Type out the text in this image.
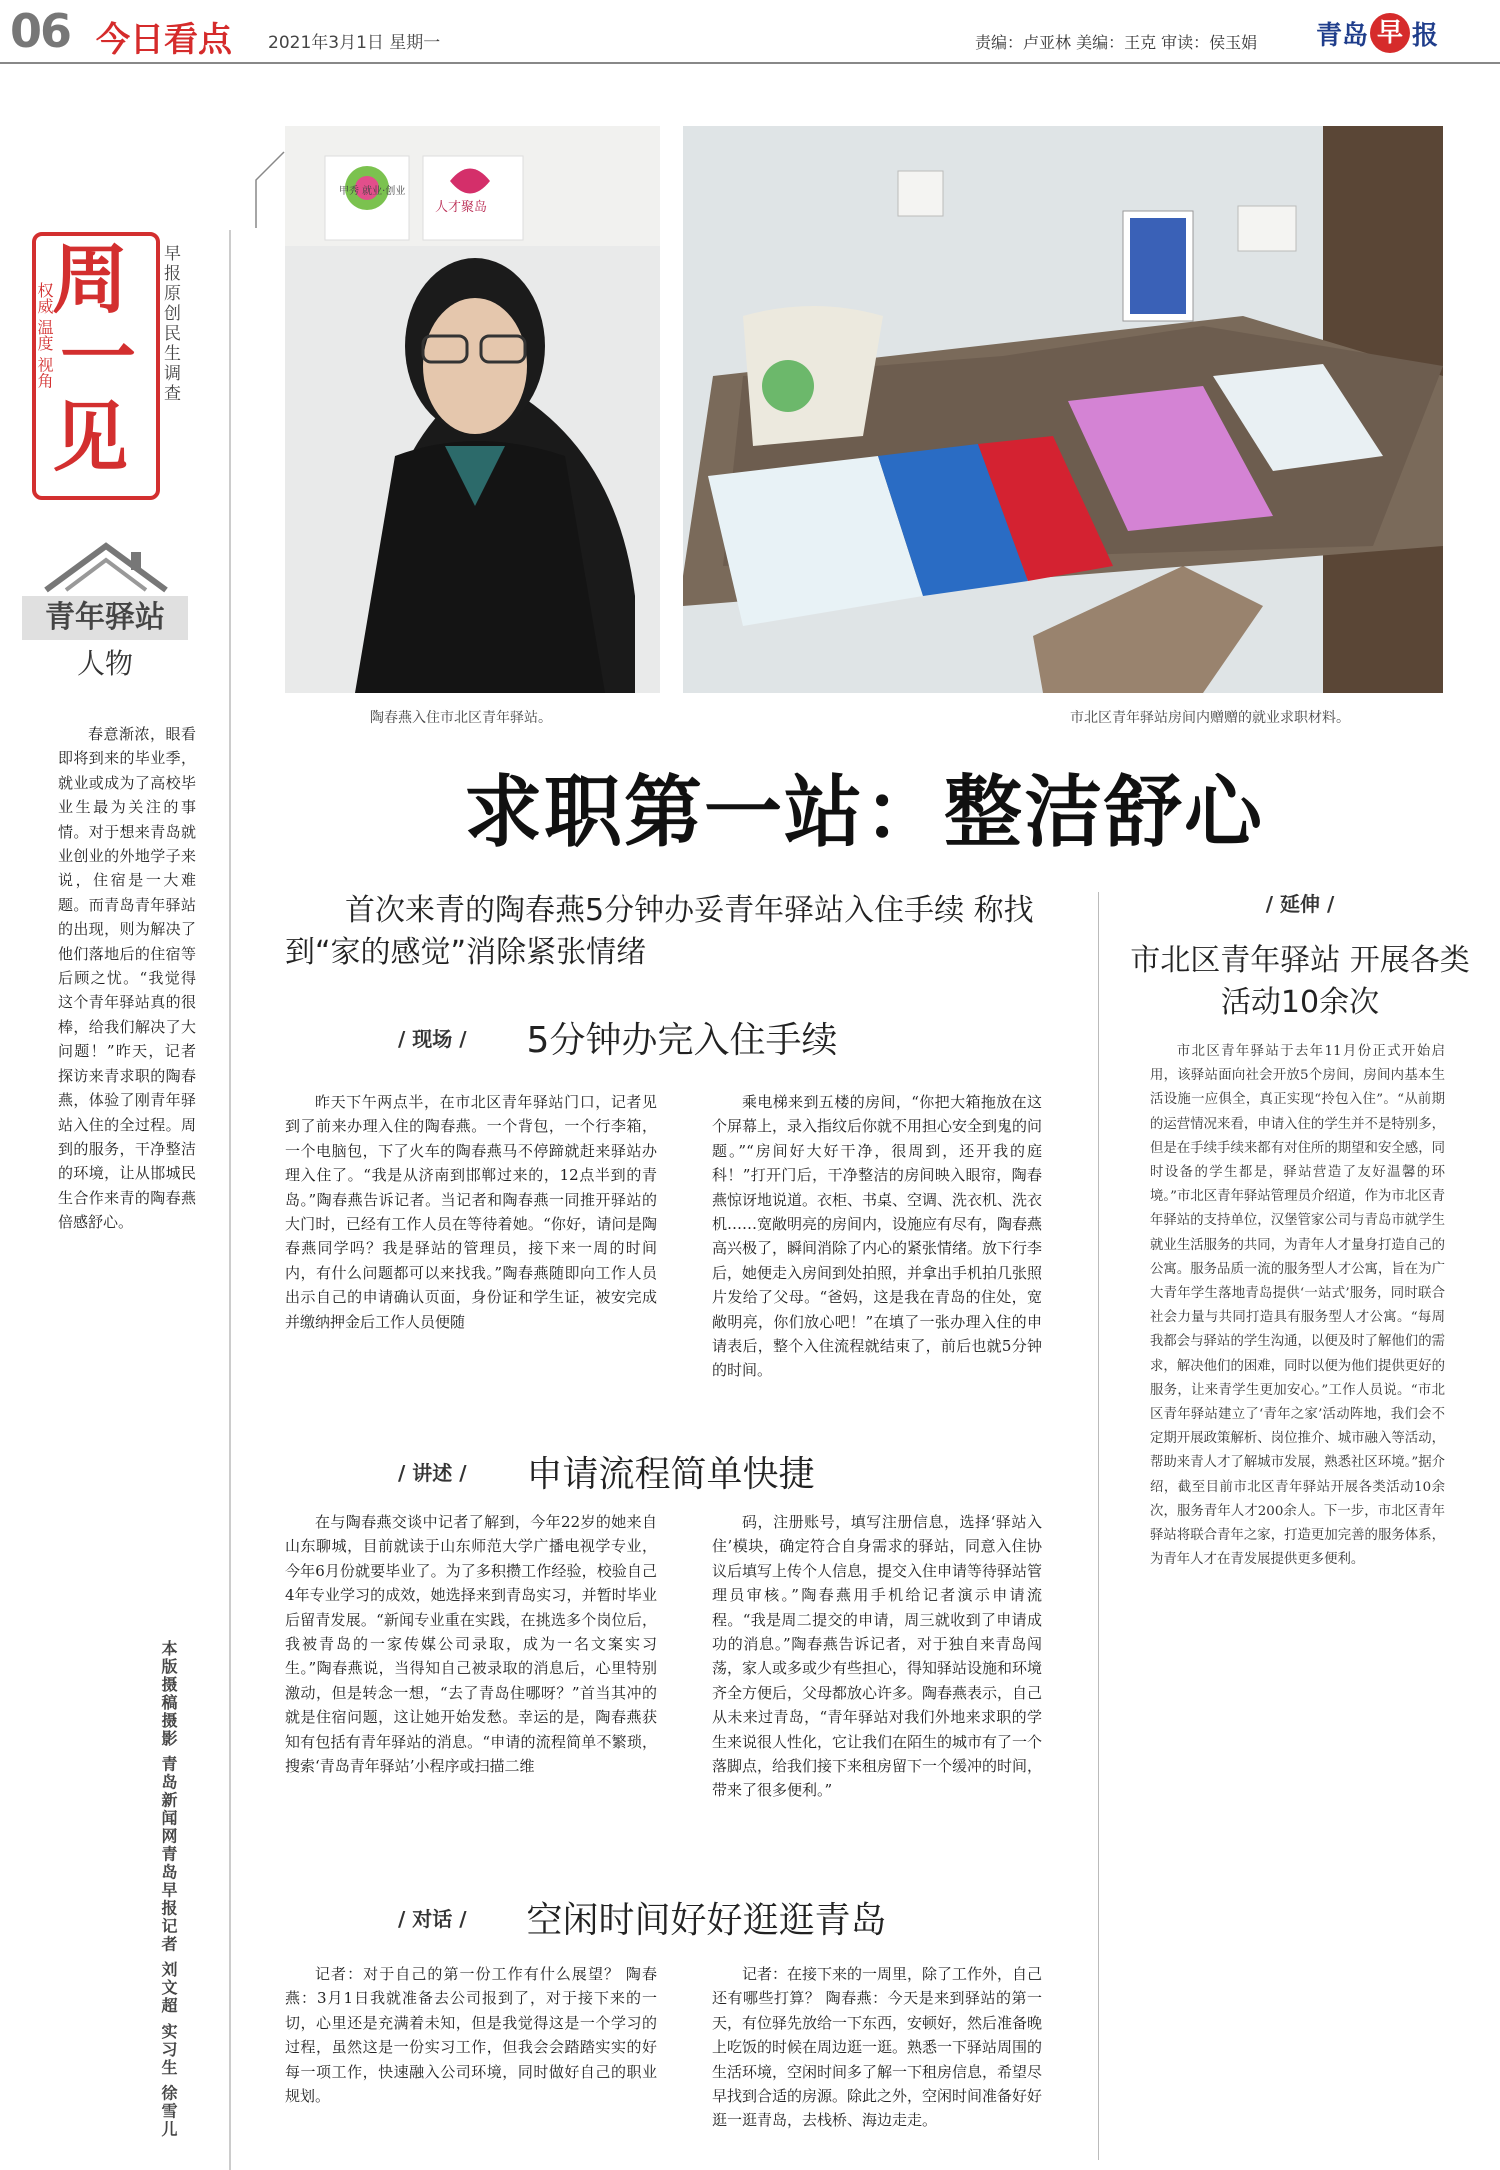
06 今日看点 2021年3月1日 星期一	责编：卢亚林 美编：王克 审读：侯玉娟 青岛 早 报
周
一
见
权威 温度 视角	早报原创民生调查
青年驿站
人物
春意渐浓，眼看即将到来的毕业季，就业或成为了高校毕业生最为关注的事情。对于想来青岛就业创业的外地学子来说，住宿是一大难题。而青岛青年驿站的出现，则为解决了他们落地后的住宿等后顾之忧。“我觉得这个青年驿站真的很棒，给我们解决了大问题！”昨天，记者探访来青求职的陶春燕，体验了刚青年驿站入住的全过程。周到的服务，干净整洁的环境，让从邯城民生合作来青的陶春燕倍感舒心。
本版摄稿摄影 青岛新闻网青岛早报记者 刘文超 实习生 徐雪儿
甲秀 就业·创业
人才聚岛
陶春燕入住市北区青年驿站。	市北区青年驿站房间内赠赠的就业求职材料。
求职第一站：整洁舒心
首次来青的陶春燕5分钟办妥青年驿站入住手续 称找到“家的感觉”消除紧张情绪
/ 现场 / 5分钟办完入住手续
昨天下午两点半，在市北区青年驿站门口，记者见到了前来办理入住的陶春燕。一个背包，一个行李箱，一个电脑包，下了火车的陶春燕马不停蹄就赶来驿站办理入住了。“我是从济南到邯郸过来的，12点半到的青岛。”陶春燕告诉记者。当记者和陶春燕一同推开驿站的大门时，已经有工作人员在等待着她。“你好，请问是陶春燕同学吗？我是驿站的管理员，接下来一周的时间内，有什么问题都可以来找我。”陶春燕随即向工作人员出示自己的申请确认页面，身份证和学生证，被安完成并缴纳押金后工作人员便随
乘电梯来到五楼的房间，“你把大箱拖放在这个屏幕上，录入指纹后你就不用担心安全到鬼的问题。”“房间好大好干净，很周到，还开我的庭科！”打开门后，干净整洁的房间映入眼帘，陶春燕惊讶地说道。衣柜、书桌、空调、洗衣机、洗衣机……宽敞明亮的房间内，设施应有尽有，陶春燕高兴极了，瞬间消除了内心的紧张情绪。放下行李后，她便走入房间到处拍照，并拿出手机拍几张照片发给了父母。“爸妈，这是我在青岛的住处，宽敞明亮，你们放心吧！”在填了一张办理入住的申请表后，整个入住流程就结束了，前后也就5分钟的时间。
/ 讲述 / 申请流程简单快捷
在与陶春燕交谈中记者了解到，今年22岁的她来自山东聊城，目前就读于山东师范大学广播电视学专业，今年6月份就要毕业了。为了多积攒工作经验，校验自己4年专业学习的成效，她选择来到青岛实习，并暂时毕业后留青发展。“新闻专业重在实践，在挑选多个岗位后，我被青岛的一家传媒公司录取，成为一名文案实习生。”陶春燕说，当得知自己被录取的消息后，心里特别激动，但是转念一想，“去了青岛住哪呀？”首当其冲的就是住宿问题，这让她开始发愁。幸运的是，陶春燕获知有包括有青年驿站的消息。“申请的流程简单不繁琐，搜索‘青岛青年驿站’小程序或扫描二维
码，注册账号，填写注册信息，选择‘驿站入住’模块，确定符合自身需求的驿站，同意入住协议后填写上传个人信息，提交入住申请等待驿站管理员审核。”陶春燕用手机给记者演示申请流程。“我是周二提交的申请，周三就收到了申请成功的消息。”陶春燕告诉记者，对于独自来青岛闯荡，家人或多或少有些担心，得知驿站设施和环境齐全方便后，父母都放心许多。陶春燕表示，自己从未来过青岛，“青年驿站对我们外地来求职的学生来说很人性化，它让我们在陌生的城市有了一个落脚点，给我们接下来租房留下一个缓冲的时间，带来了很多便利。”
/ 对话 / 空闲时间好好逛逛青岛
记者：对于自己的第一份工作有什么展望？ 陶春燕：3月1日我就准备去公司报到了，对于接下来的一切，心里还是充满着未知，但是我觉得这是一个学习的过程，虽然这是一份实习工作，但我会会踏踏实实的好每一项工作，快速融入公司环境，同时做好自己的职业规划。
记者：在接下来的一周里，除了工作外，自己还有哪些打算？ 陶春燕：今天是来到驿站的第一天，有位驿先放给一下东西，安顿好，然后准备晚上吃饭的时候在周边逛一逛。熟悉一下驿站周围的生活环境，空闲时间多了解一下租房信息，希望尽早找到合适的房源。除此之外，空闲时间准备好好逛一逛青岛，去栈桥、海边走走。
/ 延伸 /
市北区青年驿站 开展各类活动10余次
市北区青年驿站于去年11月份正式开始启用，该驿站面向社会开放5个房间，房间内基本生活设施一应俱全，真正实现“拎包入住”。“从前期的运营情况来看，申请入住的学生并不是特别多，但是在手续手续来都有对住所的期望和安全感，同时设备的学生都是，驿站营造了友好温馨的环境。”市北区青年驿站管理员介绍道，作为市北区青年驿站的支持单位，汉堡管家公司与青岛市就学生就业生活服务的共同，为青年人才量身打造自己的公寓。服务品质一流的服务型人才公寓，旨在为广大青年学生落地青岛提供‘一站式’服务，同时联合社会力量与共同打造具有服务型人才公寓。“每周我都会与驿站的学生沟通，以便及时了解他们的需求，解决他们的困难，同时以便为他们提供更好的服务，让来青学生更加安心。”工作人员说。“市北区青年驿站建立了‘青年之家’活动阵地，我们会不定期开展政策解析、岗位推介、城市融入等活动，帮助来青人才了解城市发展，熟悉社区环境。”据介绍，截至目前市北区青年驿站开展各类活动10余次，服务青年人才200余人。下一步，市北区青年驿站将联合青年之家，打造更加完善的服务体系，为青年人才在青发展提供更多便利。
